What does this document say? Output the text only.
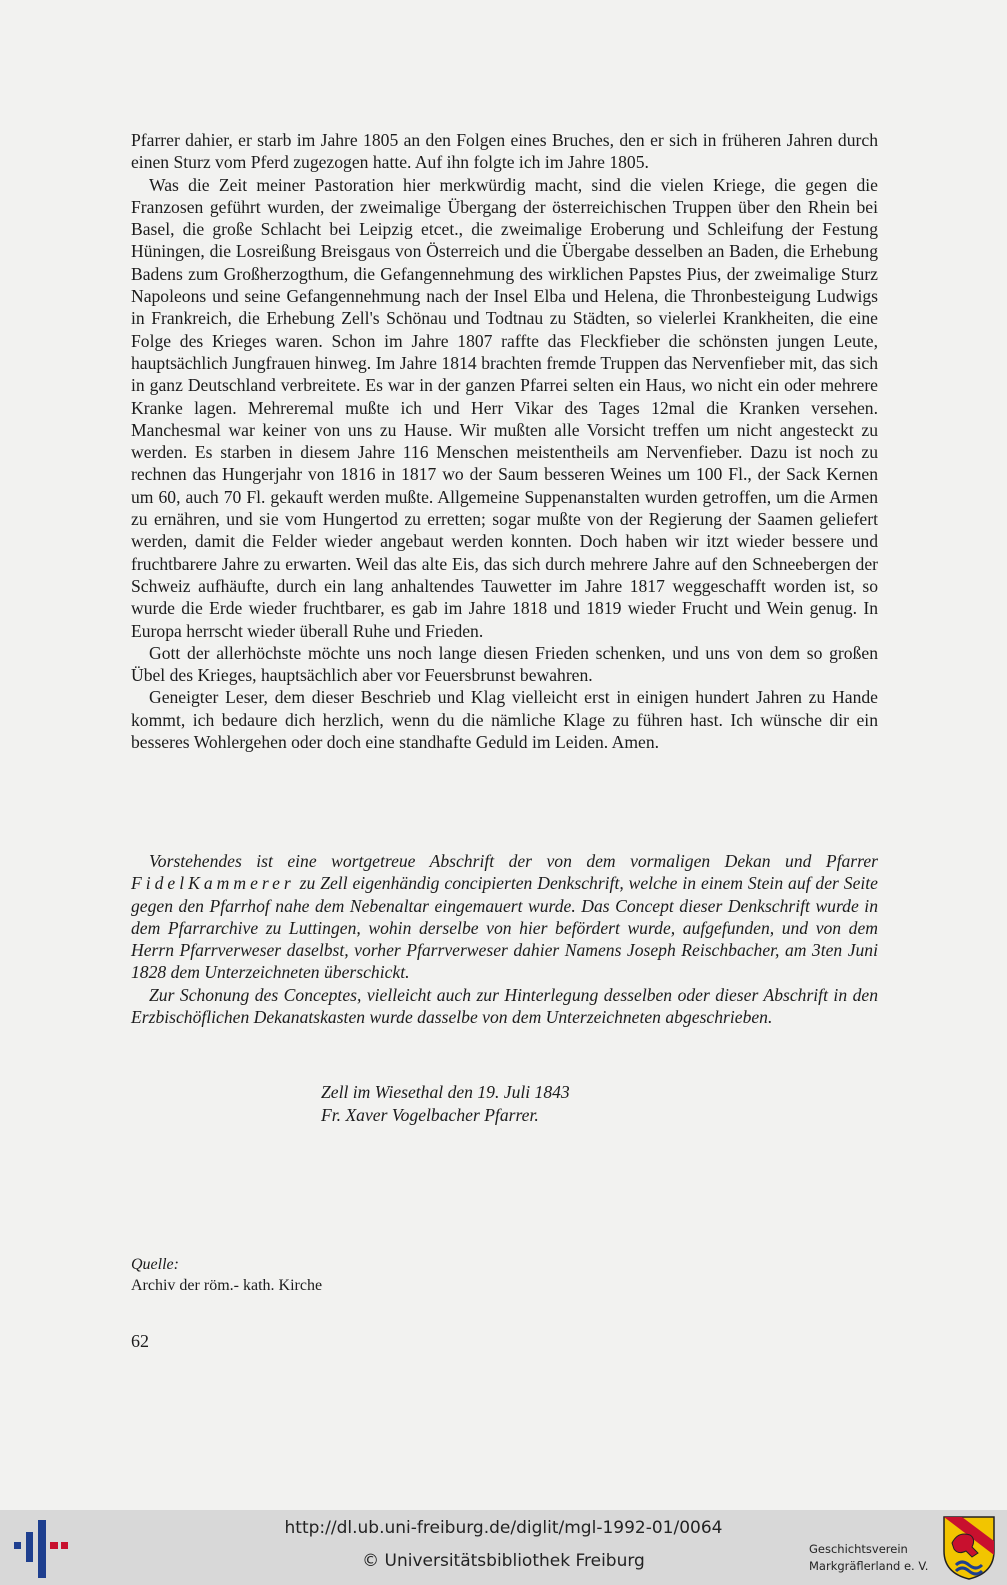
Pfarrer dahier, er starb im Jahre 1805 an den Folgen eines Bruches, den er sich in früheren Jahren durch einen Sturz vom Pferd zugezogen hatte. Auf ihn folgte ich im Jahre 1805.

Was die Zeit meiner Pastoration hier merkwürdig macht, sind die vielen Kriege, die gegen die Franzosen geführt wurden, der zweimalige Übergang der österreichischen Truppen über den Rhein bei Basel, die große Schlacht bei Leipzig etcet., die zweimalige Eroberung und Schleifung der Festung Hüningen, die Losreißung Breisgaus von Österreich und die Übergabe desselben an Baden, die Erhebung Badens zum Großherzogthum, die Gefangennehmung des wirklichen Papstes Pius, der zweimalige Sturz Napoleons und seine Gefangennehmung nach der Insel Elba und Helena, die Thronbesteigung Ludwigs in Frankreich, die Erhebung Zell's Schönau und Todtnau zu Städten, so vielerlei Krankheiten, die eine Folge des Krieges waren. Schon im Jahre 1807 raffte das Fleckfieber die schönsten jungen Leute, hauptsächlich Jungfrauen hinweg. Im Jahre 1814 brachten fremde Truppen das Nervenfieber mit, das sich in ganz Deutschland verbreitete. Es war in der ganzen Pfarrei selten ein Haus, wo nicht ein oder mehrere Kranke lagen. Mehreremal mußte ich und Herr Vikar des Tages 12mal die Kranken versehen. Manchesmal war keiner von uns zu Hause. Wir mußten alle Vorsicht treffen um nicht angesteckt zu werden. Es starben in diesem Jahre 116 Menschen meistentheils am Nervenfieber. Dazu ist noch zu rechnen das Hungerjahr von 1816 in 1817 wo der Saum besseren Weines um 100 Fl., der Sack Kernen um 60, auch 70 Fl. gekauft werden mußte. Allgemeine Suppenanstalten wurden getroffen, um die Armen zu ernähren, und sie vom Hungertod zu erretten; sogar mußte von der Regierung der Saamen geliefert werden, damit die Felder wieder angebaut werden konnten. Doch haben wir itzt wieder bessere und fruchtbarere Jahre zu erwarten. Weil das alte Eis, das sich durch mehrere Jahre auf den Schneebergen der Schweiz aufhäufte, durch ein lang anhaltendes Tauwetter im Jahre 1817 weggeschafft worden ist, so wurde die Erde wieder fruchtbarer, es gab im Jahre 1818 und 1819 wieder Frucht und Wein genug. In Europa herrscht wieder überall Ruhe und Frieden.

Gott der allerhöchste möchte uns noch lange diesen Frieden schenken, und uns von dem so großen Übel des Krieges, hauptsächlich aber vor Feuersbrunst bewahren.

Geneigter Leser, dem dieser Beschrieb und Klag vielleicht erst in einigen hundert Jahren zu Hande kommt, ich bedaure dich herzlich, wenn du die nämliche Klage zu führen hast. Ich wünsche dir ein besseres Wohlergehen oder doch eine standhafte Geduld im Leiden. Amen.

Vorstehendes ist eine wortgetreue Abschrift der von dem vormaligen Dekan und Pfarrer FidelKammerer zu Zell eigenhändig concipierten Denkschrift, welche in einem Stein auf der Seite gegen den Pfarrhof nahe dem Nebenaltar eingemauert wurde. Das Concept dieser Denkschrift wurde in dem Pfarrarchive zu Luttingen, wohin derselbe von hier befördert wurde, aufgefunden, und von dem Herrn Pfarrverweser daselbst, vorher Pfarrverweser dahier Namens Joseph Reischbacher, am 3ten Juni 1828 dem Unterzeichneten überschickt.

Zur Schonung des Conceptes, vielleicht auch zur Hinterlegung desselben oder dieser Abschrift in den Erzbischöflichen Dekanatskasten wurde dasselbe von dem Unterzeichneten abgeschrieben.

Zell im Wiesethal den 19. Juli 1843
Fr. Xaver Vogelbacher Pfarrer.
Quelle:
Archiv der röm.- kath. Kirche
62
http://dl.ub.uni-freiburg.de/diglit/mgl-1992-01/0064
© Universitätsbibliothek Freiburg
Geschichtsverein
Markgräflerland e. V.
